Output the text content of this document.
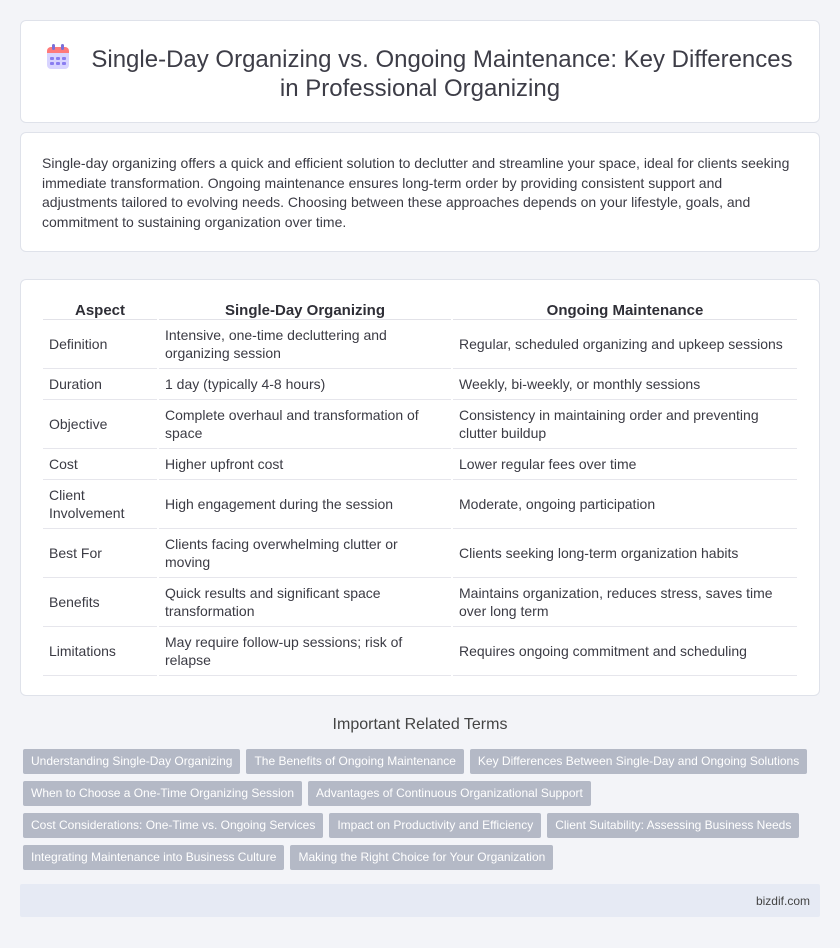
Single-Day Organizing vs. Ongoing Maintenance: Key Differences in Professional Organizing

Single-day organizing offers a quick and efficient solution to declutter and streamline your space, ideal for clients seeking immediate transformation. Ongoing maintenance ensures long-term order by providing consistent support and adjustments tailored to evolving needs. Choosing between these approaches depends on your lifestyle, goals, and commitment to sustaining organization over time.

Aspect	Single-Day Organizing	Ongoing Maintenance
Definition	Intensive, one-time decluttering and organizing session	Regular, scheduled organizing and upkeep sessions
Duration	1 day (typically 4-8 hours)	Weekly, bi-weekly, or monthly sessions
Objective	Complete overhaul and transformation of space	Consistency in maintaining order and preventing clutter buildup
Cost	Higher upfront cost	Lower regular fees over time
Client Involvement	High engagement during the session	Moderate, ongoing participation
Best For	Clients facing overwhelming clutter or moving	Clients seeking long-term organization habits
Benefits	Quick results and significant space transformation	Maintains organization, reduces stress, saves time over long term
Limitations	May require follow-up sessions; risk of relapse	Requires ongoing commitment and scheduling
Important Related Terms
Understanding Single-Day Organizing The Benefits of Ongoing Maintenance Key Differences Between Single-Day and Ongoing Solutions
When to Choose a One-Time Organizing Session Advantages of Continuous Organizational Support
Cost Considerations: One-Time vs. Ongoing Services Impact on Productivity and Efficiency Client Suitability: Assessing Business Needs
Integrating Maintenance into Business Culture Making the Right Choice for Your Organization
bizdif.com
